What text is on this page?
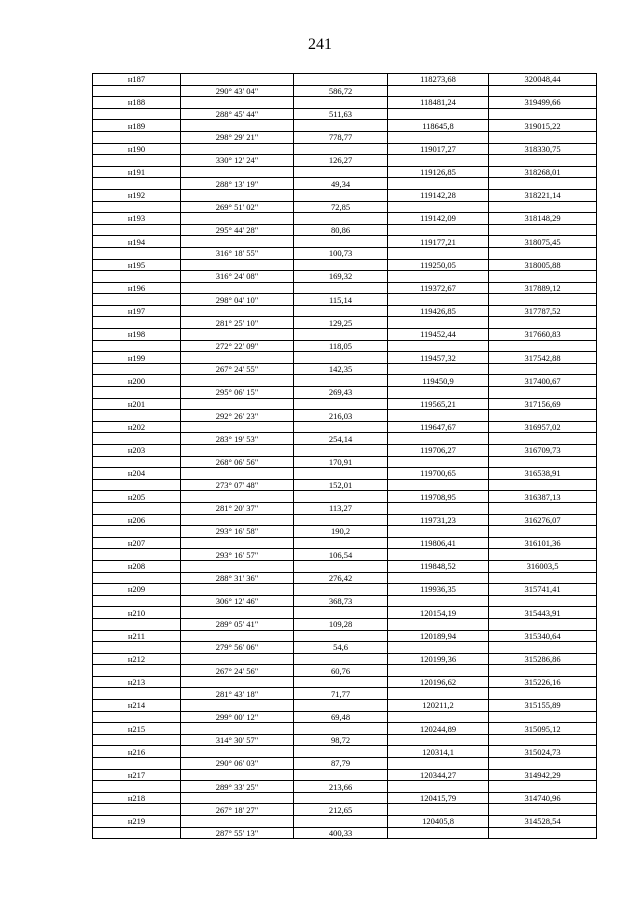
241
н187			118273,68	320048,44
	290° 43' 04"	586,72		
н188			118481,24	319499,66
	288° 45' 44"	511,63		
н189			118645,8	319015,22
	298° 29' 21"	778,77		
н190			119017,27	318330,75
	330° 12' 24"	126,27		
н191			119126,85	318268,01
	288° 13' 19"	49,34		
н192			119142,28	318221,14
	269° 51' 02"	72,85		
н193			119142,09	318148,29
	295° 44' 28"	80,86		
н194			119177,21	318075,45
	316° 18' 55"	100,73		
н195			119250,05	318005,88
	316° 24' 08"	169,32		
н196			119372,67	317889,12
	298° 04' 10"	115,14		
н197			119426,85	317787,52
	281° 25' 10"	129,25		
н198			119452,44	317660,83
	272° 22' 09"	118,05		
н199			119457,32	317542,88
	267° 24' 55"	142,35		
н200			119450,9	317400,67
	295° 06' 15"	269,43		
н201			119565,21	317156,69
	292° 26' 23"	216,03		
н202			119647,67	316957,02
	283° 19' 53"	254,14		
н203			119706,27	316709,73
	268° 06' 56"	170,91		
н204			119700,65	316538,91
	273° 07' 48"	152,01		
н205			119708,95	316387,13
	281° 20' 37"	113,27		
н206			119731,23	316276,07
	293° 16' 58"	190,2		
н207			119806,41	316101,36
	293° 16' 57"	106,54		
н208			119848,52	316003,5
	288° 31' 36"	276,42		
н209			119936,35	315741,41
	306° 12' 46"	368,73		
н210			120154,19	315443,91
	289° 05' 41"	109,28		
н211			120189,94	315340,64
	279° 56' 06"	54,6		
н212			120199,36	315286,86
	267° 24' 56"	60,76		
н213			120196,62	315226,16
	281° 43' 18"	71,77		
н214			120211,2	315155,89
	299° 00' 12"	69,48		
н215			120244,89	315095,12
	314° 30' 57"	98,72		
н216			120314,1	315024,73
	290° 06' 03"	87,79		
н217			120344,27	314942,29
	289° 33' 25"	213,66		
н218			120415,79	314740,96
	267° 18' 27"	212,65		
н219			120405,8	314528,54
	287° 55' 13"	400,33		
